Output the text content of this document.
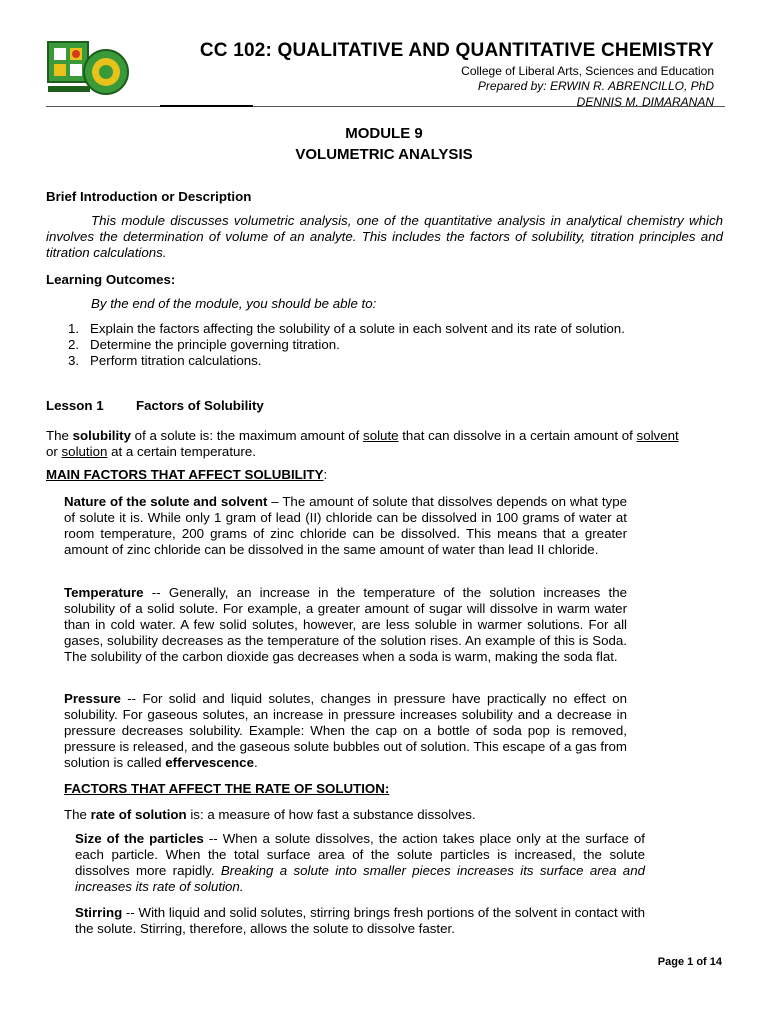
CC 102: QUALITATIVE AND QUANTITATIVE CHEMISTRY
College of Liberal Arts, Sciences and Education
Prepared by: ERWIN R. ABRENCILLO, PhD
DENNIS M. DIMARANAN
MODULE 9
VOLUMETRIC ANALYSIS
Brief Introduction or Description
This module discusses volumetric analysis, one of the quantitative analysis in analytical chemistry which involves the determination of volume of an analyte. This includes the factors of solubility, titration principles and titration calculations.
Learning Outcomes:
By the end of the module, you should be able to:
1. Explain the factors affecting the solubility of a solute in each solvent and its rate of solution.
2. Determine the principle governing titration.
3. Perform titration calculations.
Lesson 1 Factors of Solubility
The solubility of a solute is: the maximum amount of solute that can dissolve in a certain amount of solvent or solution at a certain temperature.
MAIN FACTORS THAT AFFECT SOLUBILITY:
Nature of the solute and solvent – The amount of solute that dissolves depends on what type of solute it is. While only 1 gram of lead (II) chloride can be dissolved in 100 grams of water at room temperature, 200 grams of zinc chloride can be dissolved. This means that a greater amount of zinc chloride can be dissolved in the same amount of water than lead II chloride.
Temperature -- Generally, an increase in the temperature of the solution increases the solubility of a solid solute. For example, a greater amount of sugar will dissolve in warm water than in cold water. A few solid solutes, however, are less soluble in warmer solutions. For all gases, solubility decreases as the temperature of the solution rises. An example of this is Soda. The solubility of the carbon dioxide gas decreases when a soda is warm, making the soda flat.
Pressure -- For solid and liquid solutes, changes in pressure have practically no effect on solubility. For gaseous solutes, an increase in pressure increases solubility and a decrease in pressure decreases solubility. Example: When the cap on a bottle of soda pop is removed, pressure is released, and the gaseous solute bubbles out of solution. This escape of a gas from solution is called effervescence.
FACTORS THAT AFFECT THE RATE OF SOLUTION:
The rate of solution is: a measure of how fast a substance dissolves.
Size of the particles -- When a solute dissolves, the action takes place only at the surface of each particle. When the total surface area of the solute particles is increased, the solute dissolves more rapidly. Breaking a solute into smaller pieces increases its surface area and increases its rate of solution.
Stirring -- With liquid and solid solutes, stirring brings fresh portions of the solvent in contact with the solute. Stirring, therefore, allows the solute to dissolve faster.
Page 1 of 14
